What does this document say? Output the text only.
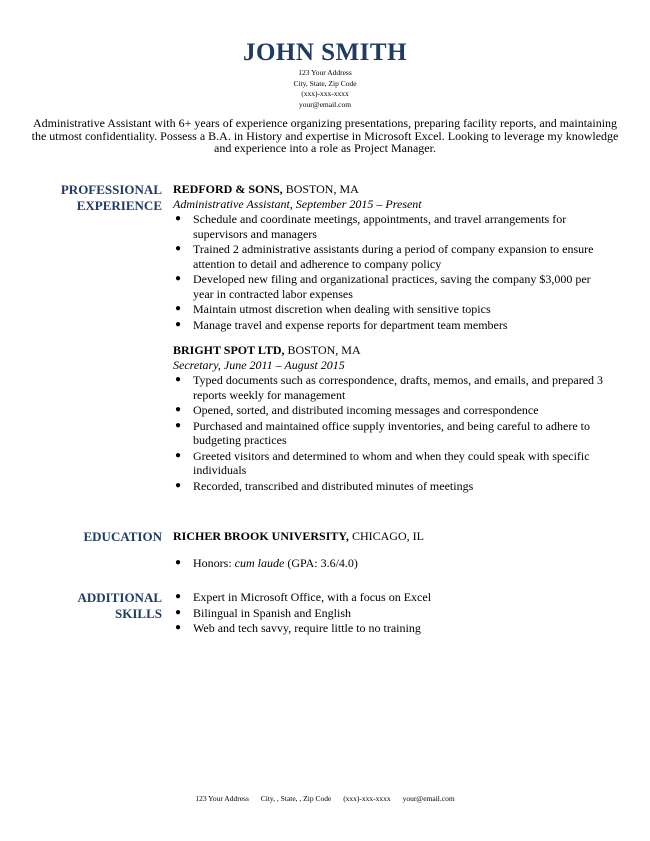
JOHN SMITH
123 Your Address
City, State, Zip Code
(xxx)-xxx-xxxx
your@email.com
Administrative Assistant with 6+ years of experience organizing presentations, preparing facility reports, and maintaining the utmost confidentiality. Possess a B.A. in History and expertise in Microsoft Excel. Looking to leverage my knowledge and experience into a role as Project Manager.
PROFESSIONAL
EXPERIENCE
REDFORD & SONS, BOSTON, MA
Administrative Assistant, September 2015 – Present
● Schedule and coordinate meetings, appointments, and travel arrangements for supervisors and managers
● Trained 2 administrative assistants during a period of company expansion to ensure attention to detail and adherence to company policy
● Developed new filing and organizational practices, saving the company $3,000 per year in contracted labor expenses
● Maintain utmost discretion when dealing with sensitive topics
● Manage travel and expense reports for department team members
BRIGHT SPOT LTD, BOSTON, MA
Secretary, June 2011 – August 2015
● Typed documents such as correspondence, drafts, memos, and emails, and prepared 3 reports weekly for management
● Opened, sorted, and distributed incoming messages and correspondence
● Purchased and maintained office supply inventories, and being careful to adhere to budgeting practices
● Greeted visitors and determined to whom and when they could speak with specific individuals
● Recorded, transcribed and distributed minutes of meetings
EDUCATION RICHER BROOK UNIVERSITY, CHICAGO, IL
● Honors: cum laude (GPA: 3.6/4.0)
ADDITIONAL
SKILLS
● Expert in Microsoft Office, with a focus on Excel
● Bilingual in Spanish and English
● Web and tech savvy, require little to no training
123 Your Address City, , State, , Zip Code (xxx)-xxx-xxxx your@email.com
